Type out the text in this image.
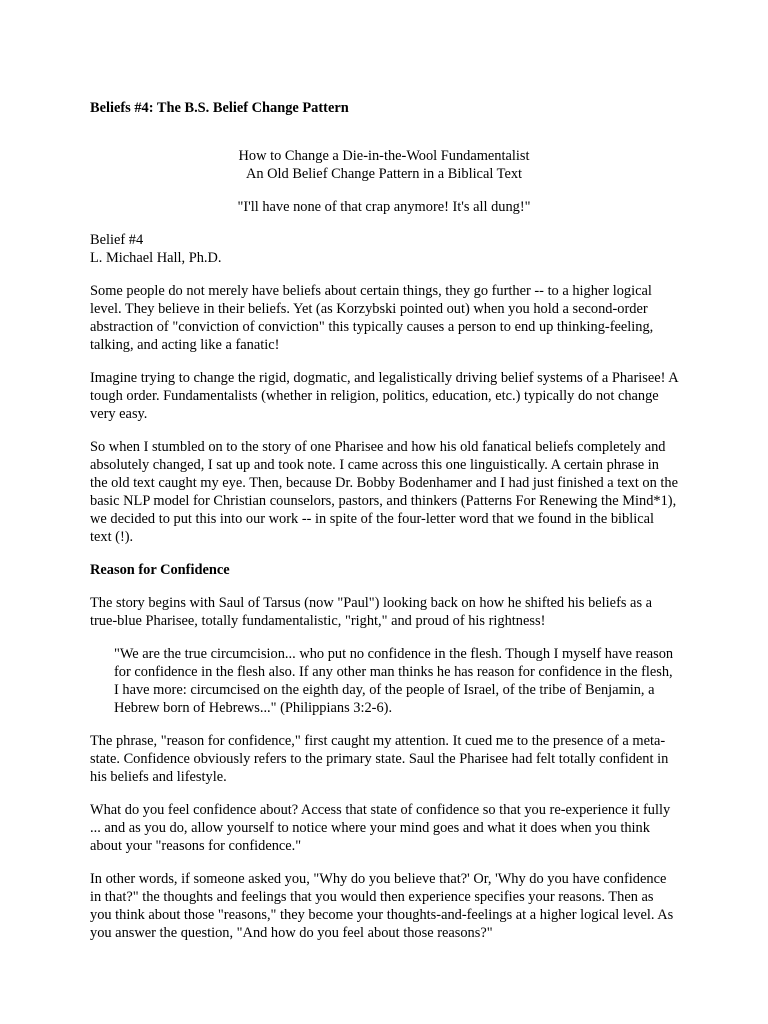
Beliefs #4: The B.S. Belief Change Pattern
How to Change a Die-in-the-Wool Fundamentalist
An Old Belief Change Pattern in a Biblical Text
"I'll have none of that crap anymore! It's all dung!"
Belief #4
L. Michael Hall, Ph.D.

Some people do not merely have beliefs about certain things, they go further -- to a higher logical level. They believe in their beliefs. Yet (as Korzybski pointed out) when you hold a second-order abstraction of "conviction of conviction" this typically causes a person to end up thinking-feeling, talking, and acting like a fanatic!

Imagine trying to change the rigid, dogmatic, and legalistically driving belief systems of a Pharisee! A tough order. Fundamentalists (whether in religion, politics, education, etc.) typically do not change very easy.

So when I stumbled on to the story of one Pharisee and how his old fanatical beliefs completely and absolutely changed, I sat up and took note. I came across this one linguistically. A certain phrase in the old text caught my eye. Then, because Dr. Bobby Bodenhamer and I had just finished a text on the basic NLP model for Christian counselors, pastors, and thinkers (Patterns For Renewing the Mind*1), we decided to put this into our work -- in spite of the four-letter word that we found in the biblical text (!).

Reason for Confidence

The story begins with Saul of Tarsus (now "Paul") looking back on how he shifted his beliefs as a true-blue Pharisee, totally fundamentalistic, "right," and proud of his rightness!

"We are the true circumcision... who put no confidence in the flesh. Though I myself have reason for confidence in the flesh also. If any other man thinks he has reason for confidence in the flesh, I have more: circumcised on the eighth day, of the people of Israel, of the tribe of Benjamin, a Hebrew born of Hebrews..." (Philippians 3:2-6).

The phrase, "reason for confidence," first caught my attention. It cued me to the presence of a meta-state. Confidence obviously refers to the primary state. Saul the Pharisee had felt totally confident in his beliefs and lifestyle.

What do you feel confidence about? Access that state of confidence so that you re-experience it fully ... and as you do, allow yourself to notice where your mind goes and what it does when you think about your "reasons for confidence."

In other words, if someone asked you, "Why do you believe that?' Or, 'Why do you have confidence in that?" the thoughts and feelings that you would then experience specifies your reasons. Then as you think about those "reasons," they become your thoughts-and-feelings at a higher logical level. As you answer the question, "And how do you feel about those reasons?"
